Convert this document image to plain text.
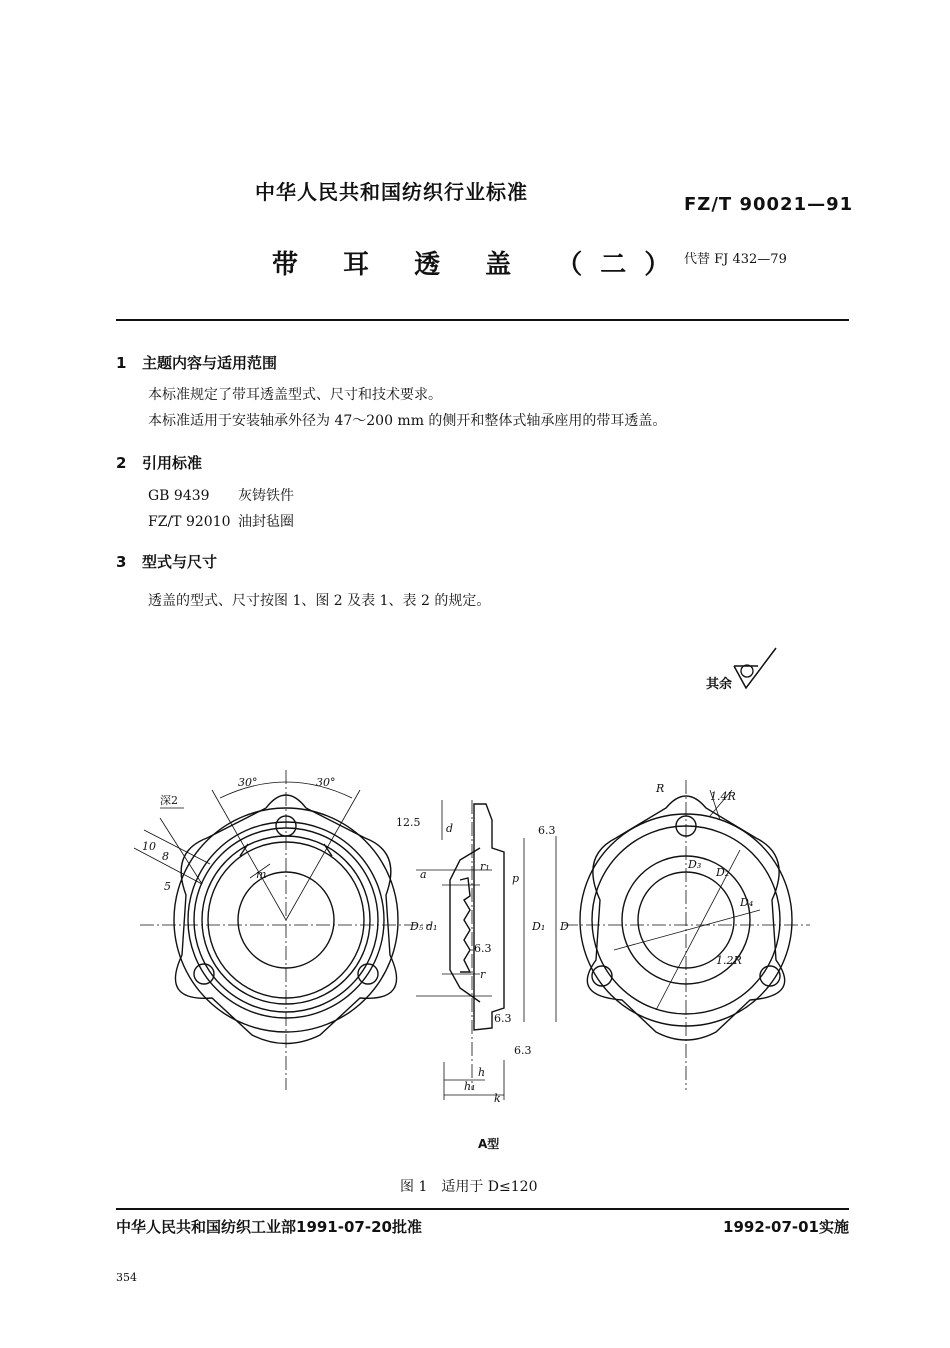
中华人民共和国纺织行业标准
FZ/T 90021—91
带 耳 透 盖 （二）
代替 FJ 432—79
1 主题内容与适用范围
本标准规定了带耳透盖型式、尺寸和技术要求。
本标准适用于安装轴承外径为 47～200 mm 的侧开和整体式轴承座用的带耳透盖。
2 引用标准
GB 9439 灰铸铁件
FZ/T 92010 油封毡圈
3 型式与尺寸
透盖的型式、尺寸按图 1、图 2 及表 1、表 2 的规定。
其余
30°	30°
深2
10
8
5
m
12.5 d	6.3
r₁
p
a
D₅ d₁	D₁ D
6.3
r
6.3
6.3
h
h₁
k
R
1.4R
D₃
D₂
D₄
1.2R
A型
图 1　适用于 D≤120
中华人民共和国纺织工业部1991-07-20批准	1992-07-01实施
354
